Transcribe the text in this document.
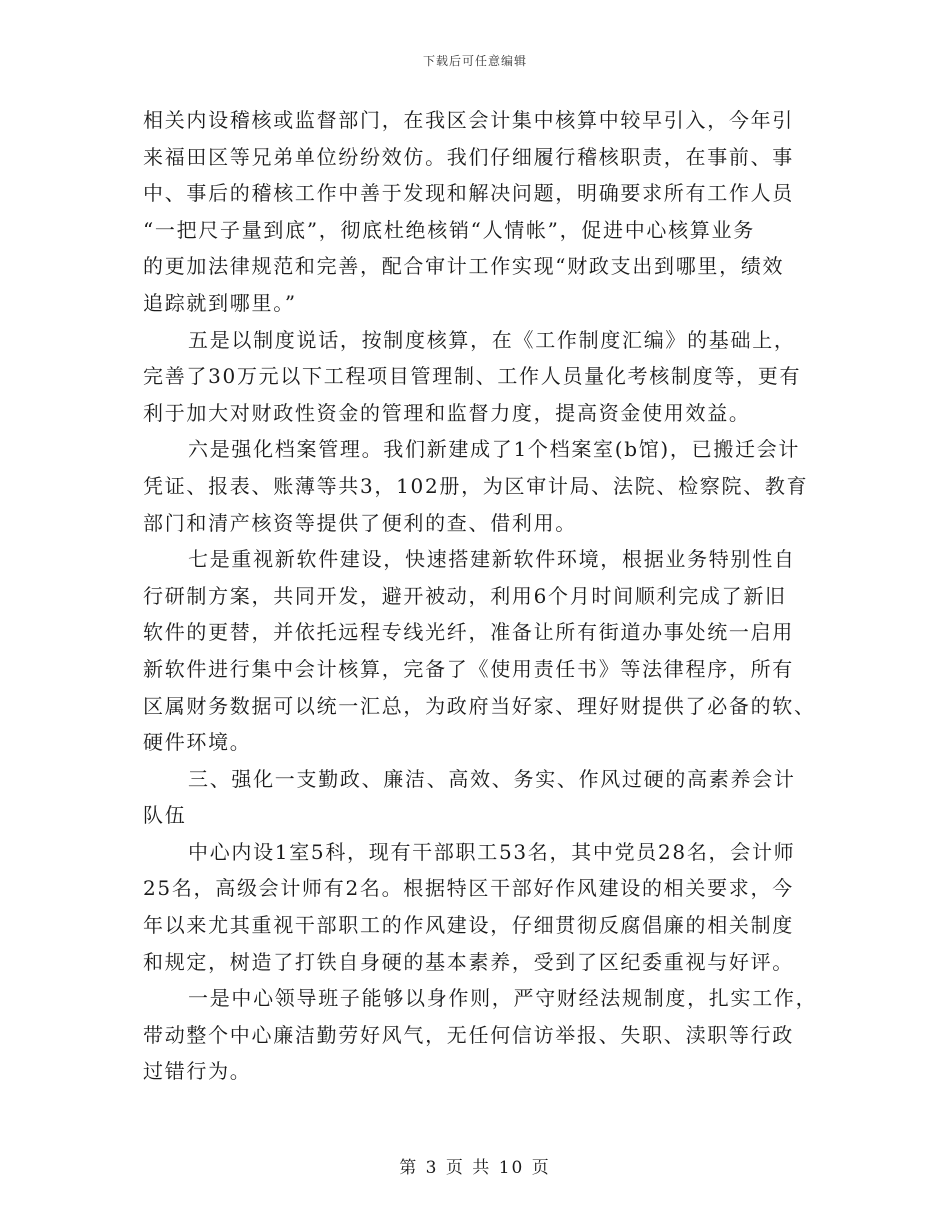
下载后可任意编辑
相关内设稽核或监督部门，在我区会计集中核算中较早引入，今年引
来福田区等兄弟单位纷纷效仿。我们仔细履行稽核职责，在事前、事
中、事后的稽核工作中善于发现和解决问题，明确要求所有工作人员
“一把尺子量到底”，彻底杜绝核销“人情帐”，促进中心核算业务
的更加法律规范和完善，配合审计工作实现“财政支出到哪里，绩效
追踪就到哪里。”
五是以制度说话，按制度核算，在《工作制度汇编》的基础上，
完善了30万元以下工程项目管理制、工作人员量化考核制度等，更有
利于加大对财政性资金的管理和监督力度，提高资金使用效益。
六是强化档案管理。我们新建成了1个档案室(b馆)，已搬迁会计
凭证、报表、账薄等共3，102册，为区审计局、法院、检察院、教育
部门和清产核资等提供了便利的查、借利用。
七是重视新软件建设，快速搭建新软件环境，根据业务特别性自
行研制方案，共同开发，避开被动，利用6个月时间顺利完成了新旧
软件的更替，并依托远程专线光纤，准备让所有街道办事处统一启用
新软件进行集中会计核算，完备了《使用责任书》等法律程序，所有
区属财务数据可以统一汇总，为政府当好家、理好财提供了必备的软、
硬件环境。
三、强化一支勤政、廉洁、高效、务实、作风过硬的高素养会计
队伍
中心内设1室5科，现有干部职工53名，其中党员28名，会计师
25名，高级会计师有2名。根据特区干部好作风建设的相关要求，今
年以来尤其重视干部职工的作风建设，仔细贯彻反腐倡廉的相关制度
和规定，树造了打铁自身硬的基本素养，受到了区纪委重视与好评。
一是中心领导班子能够以身作则，严守财经法规制度，扎实工作，
带动整个中心廉洁勤劳好风气，无任何信访举报、失职、渎职等行政
过错行为。
第 3 页 共 10 页
